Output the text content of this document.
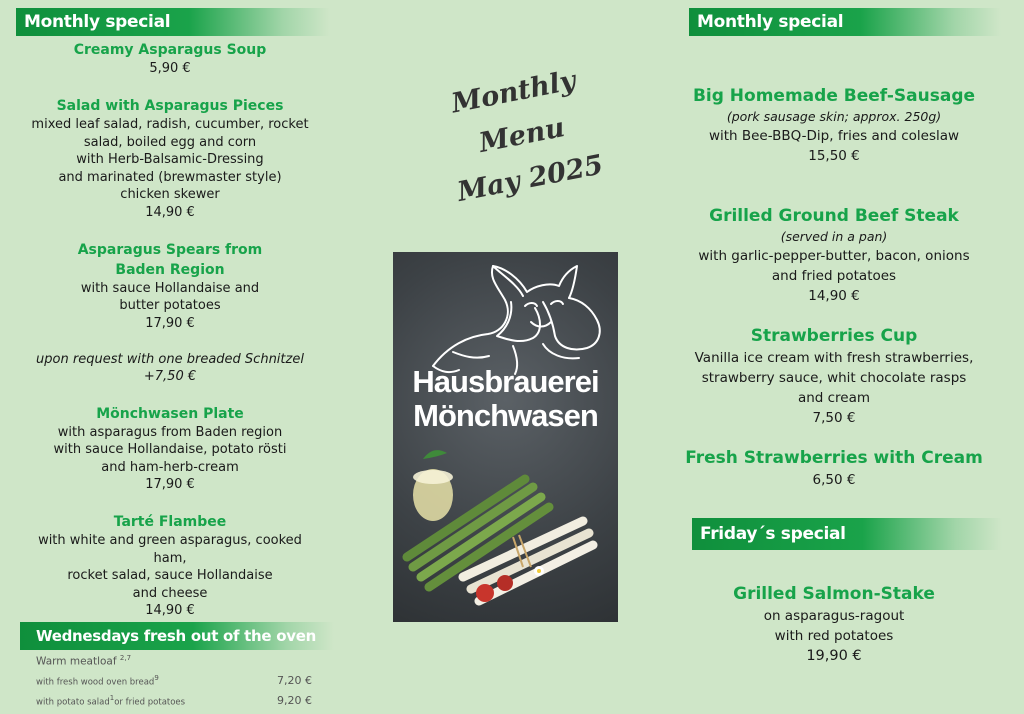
Monthly special
Creamy Asparagus Soup
5,90 €
Salad with Asparagus Pieces
mixed leaf salad, radish, cucumber, rocket
salad, boiled egg and corn
with Herb-Balsamic-Dressing
and marinated (brewmaster style)
chicken skewer
14,90 €
Asparagus Spears from
Baden Region
with sauce Hollandaise and
butter potatoes
17,90 €
upon request with one breaded Schnitzel
+7,50 €
Mönchwasen Plate
with asparagus from Baden region
with sauce Hollandaise, potato rösti
and ham-herb-cream
17,90 €
Tarté Flambee
with white and green asparagus, cooked ham,
rocket salad, sauce Hollandaise
and cheese
14,90 €
Wednesdays fresh out of the oven
Warm meatloaf $^{2,7}$
with fresh wood oven bread$^9$	7,20 €
with potato salad$^1$or fried potatoes	9,20 €
Monthly Menu
May 2025
Hausbrauerei
Mönchwasen
Monthly special
Big Homemade Beef-Sausage
(pork sausage skin; approx. 250g)
with Bee-BBQ-Dip, fries and coleslaw
15,50 €
Grilled Ground Beef Steak
(served in a pan)
with garlic-pepper-butter, bacon, onions
and fried potatoes
14,90 €
Strawberries Cup
Vanilla ice cream with fresh strawberries,
strawberry sauce, whit chocolate rasps
and cream
7,50 €
Fresh Strawberries with Cream
6,50 €
Friday´s special
Grilled Salmon-Stake
on asparagus-ragout
with red potatoes
19,90 €
